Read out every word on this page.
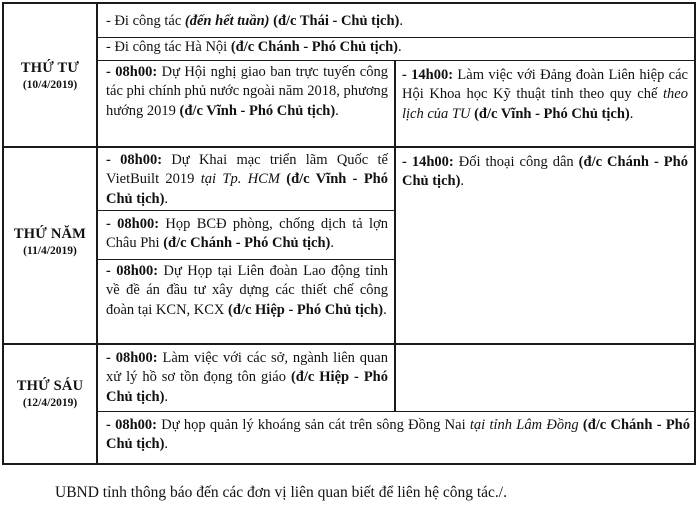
THỨ TƯ
(10/4/2019)
THỨ NĂM
(11/4/2019)
THỨ SÁU
(12/4/2019)
- Đi công tác (đến hết tuần) (đ/c Thái - Chủ tịch).
- Đi công tác Hà Nội (đ/c Chánh - Phó Chủ tịch).
- 08h00: Dự Hội nghị giao ban trực tuyến công tác phi chính phủ nước ngoài năm 2018, phương hướng 2019 (đ/c Vĩnh - Phó Chủ tịch).
- 14h00: Làm việc với Đảng đoàn Liên hiệp các Hội Khoa học Kỹ thuật tỉnh theo quy chế theo lịch của TU (đ/c Vĩnh - Phó Chủ tịch).
- 08h00: Dự Khai mạc triển lãm Quốc tế VietBuilt 2019 tại Tp. HCM (đ/c Vĩnh - Phó Chủ tịch).
- 08h00: Họp BCĐ phòng, chống dịch tả lợn Châu Phi (đ/c Chánh - Phó Chủ tịch).
- 08h00: Dự Họp tại Liên đoàn Lao động tỉnh về đề án đầu tư xây dựng các thiết chế công đoàn tại KCN, KCX (đ/c Hiệp - Phó Chủ tịch).
- 14h00: Đối thoại công dân (đ/c Chánh - Phó Chủ tịch).
- 08h00: Làm việc với các sở, ngành liên quan xử lý hồ sơ tồn đọng tôn giáo (đ/c Hiệp - Phó Chủ tịch).
- 08h00: Dự họp quản lý khoáng sản cát trên sông Đồng Nai tại tỉnh Lâm Đồng (đ/c Chánh - Phó Chủ tịch).
UBND tỉnh thông báo đến các đơn vị liên quan biết để liên hệ công tác./.
